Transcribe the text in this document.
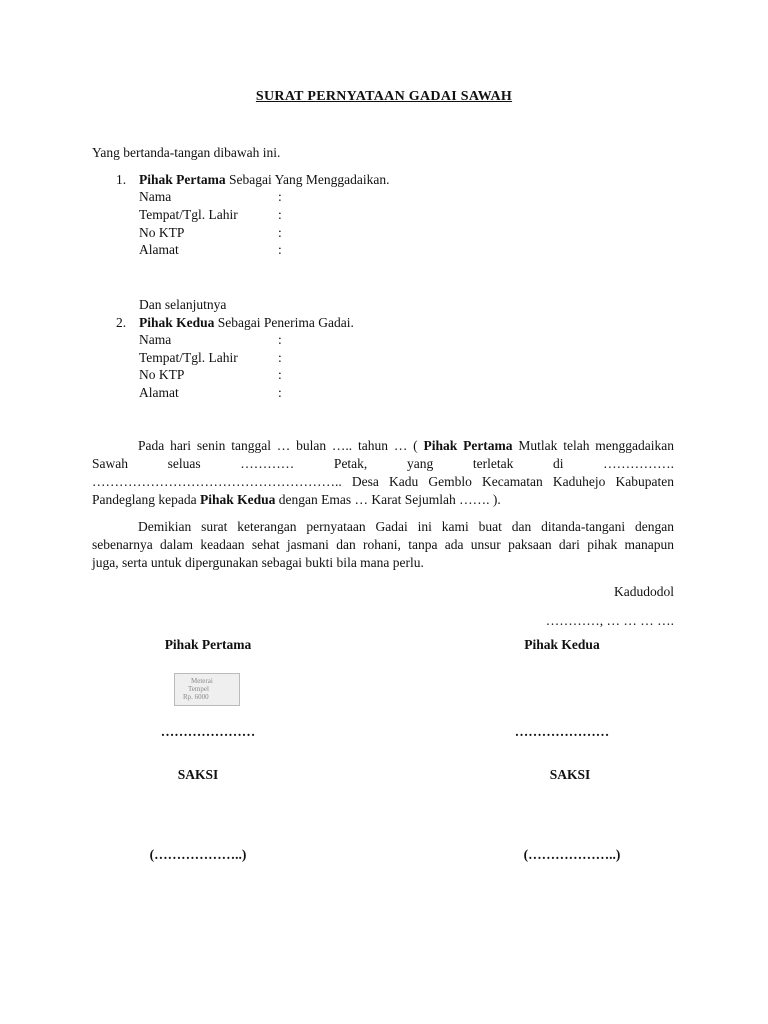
SURAT PERNYATAAN GADAI SAWAH
Yang bertanda-tangan dibawah ini.
1. Pihak Pertama Sebagai Yang Menggadaikan.
Nama	:
Tempat/Tgl. Lahir	:
No KTP	:
Alamat	:
Dan selanjutnya
2. Pihak Kedua Sebagai Penerima Gadai.
Nama	:
Tempat/Tgl. Lahir	:
No KTP	:
Alamat	:
Pada hari senin tanggal … bulan ….. tahun … ( Pihak Pertama Mutlak telah menggadaikan
Sawah seluas ………… Petak, yang terletak di …………….
……………………………………………….. Desa Kadu Gemblo Kecamatan Kaduhejo Kabupaten
Pandeglang kepada Pihak Kedua dengan Emas … Karat Sejumlah ……. ).
Demikian surat keterangan pernyataan Gadai ini kami buat dan ditanda-tangani dengan
sebenarnya dalam keadaan sehat jasmani dan rohani, tanpa ada unsur paksaan dari pihak manapun
juga, serta untuk dipergunakan sebagai bukti bila mana perlu.
Kadudodol
…………, … … … ….
Pihak Pertama	Pihak Kedua
Meterai
Tempel
Rp. 6000
…………………	…………………
SAKSI	SAKSI
(………………..)	(………………..)
